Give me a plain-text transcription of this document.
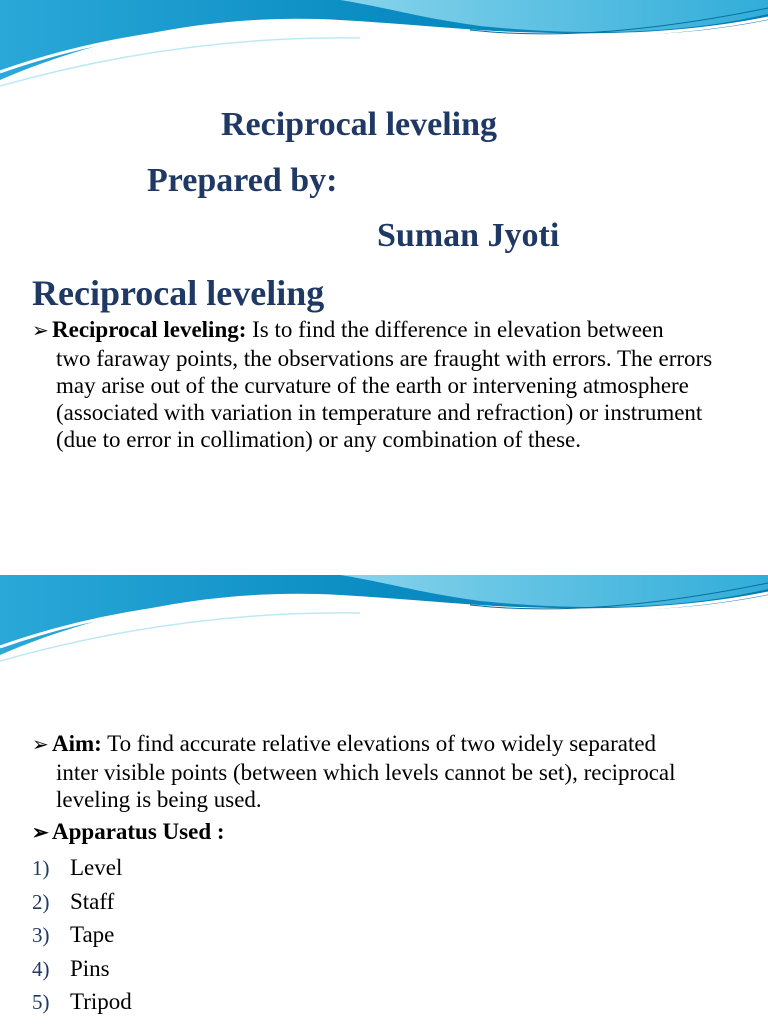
Reciprocal leveling
Prepared by:
Suman Jyoti
Reciprocal leveling
➢ Reciprocal leveling: Is to find the difference in elevation between
two faraway points, the observations are fraught with errors. The errors may arise out of the curvature of the earth or intervening atmosphere (associated with variation in temperature and refraction) or instrument (due to error in collimation) or any combination of these.
➢ Aim: To find accurate relative elevations of two widely separated
inter visible points (between which levels cannot be set), reciprocal leveling is being used.
➢ Apparatus Used :
1) Level
2) Staff
3) Tape
4) Pins
5) Tripod
